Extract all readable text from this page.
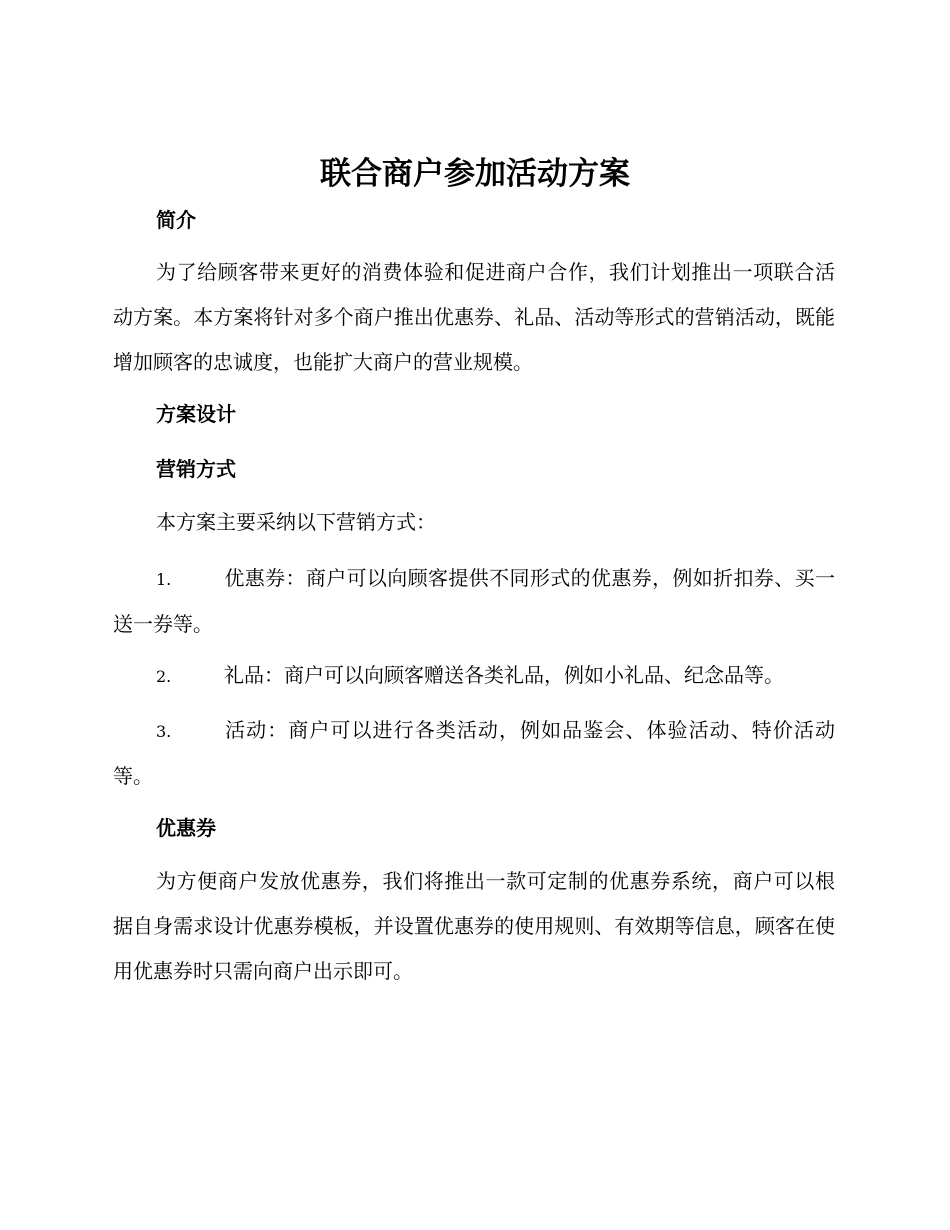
联合商户参加活动方案
简介

为了给顾客带来更好的消费体验和促进商户合作，我们计划推出一项联合活动方案。本方案将针对多个商户推出优惠券、礼品、活动等形式的营销活动，既能增加顾客的忠诚度，也能扩大商户的营业规模。

方案设计
营销方式

本方案主要采纳以下营销方式：

1.	优惠券：商户可以向顾客提供不同形式的优惠券，例如折扣券、买一送一券等。

2.	礼品：商户可以向顾客赠送各类礼品，例如小礼品、纪念品等。

3.	活动：商户可以进行各类活动，例如品鉴会、体验活动、特价活动等。

优惠券

为方便商户发放优惠券，我们将推出一款可定制的优惠券系统，商户可以根据自身需求设计优惠券模板，并设置优惠券的使用规则、有效期等信息，顾客在使用优惠券时只需向商户出示即可。
